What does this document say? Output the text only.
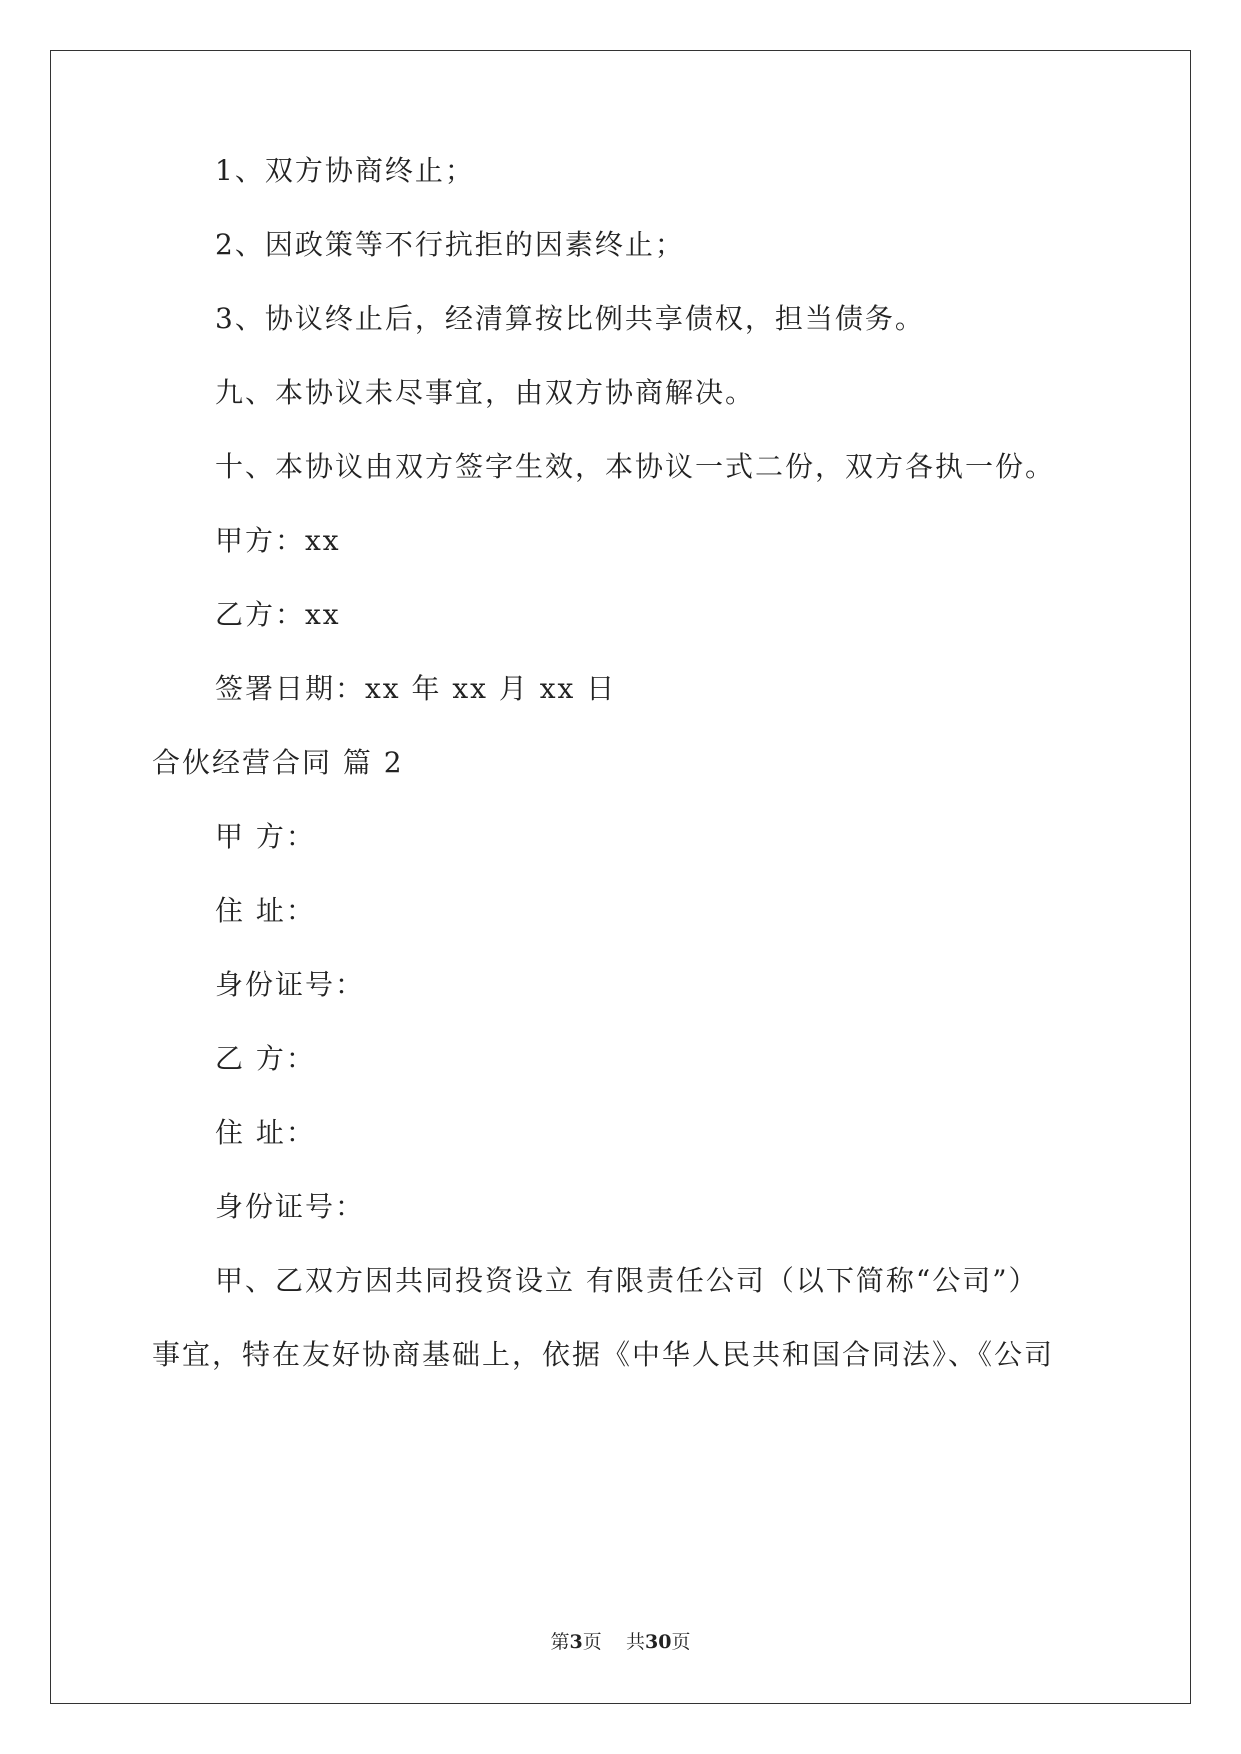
1、双方协商终止；
2、因政策等不行抗拒的因素终止；
3、协议终止后，经清算按比例共享债权，担当债务。
九、本协议未尽事宜，由双方协商解决。
十、本协议由双方签字生效，本协议一式二份，双方各执一份。
甲方：xx
乙方：xx
签署日期：xx 年 xx 月 xx 日
合伙经营合同 篇 2
甲 方：
住 址：
身份证号：
乙 方：
住 址：
身份证号：
甲、乙双方因共同投资设立 有限责任公司（以下简称“公司”）
事宜，特在友好协商基础上，依据《中华人民共和国合同法》、《公司
第3页 共30页
